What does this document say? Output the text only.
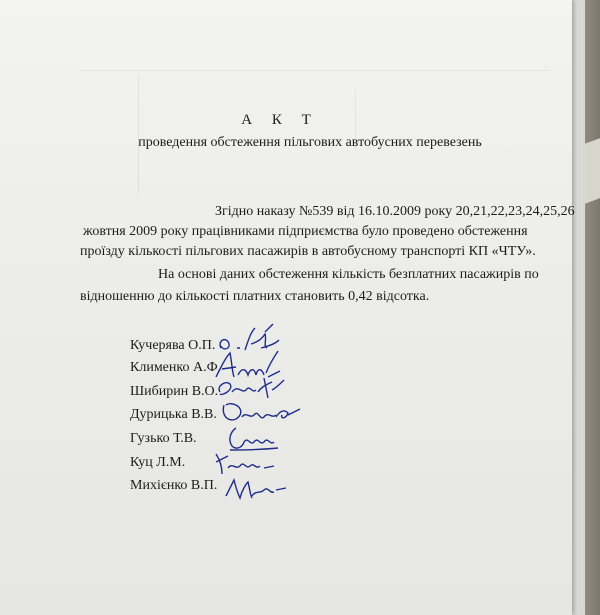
А К Т
проведення обстеження пільгових автобусних перевезень
Згідно наказу №539 від 16.10.2009 року 20,21,22,23,24,25,26
жовтня 2009 року працівниками підприємства було проведено обстеження
проїзду кількості пільгових пасажирів в автобусному транспорті КП «ЧТУ».
На основі даних обстеження кількість безплатних пасажирів по
відношенню до кількості платних становить 0,42 відсотка.
Кучерява О.П.
Клименко А.Ф.
Шибирин В.О.
Дурицька В.В.
Гузько Т.В.
Куц Л.М.
Михієнко В.П.
